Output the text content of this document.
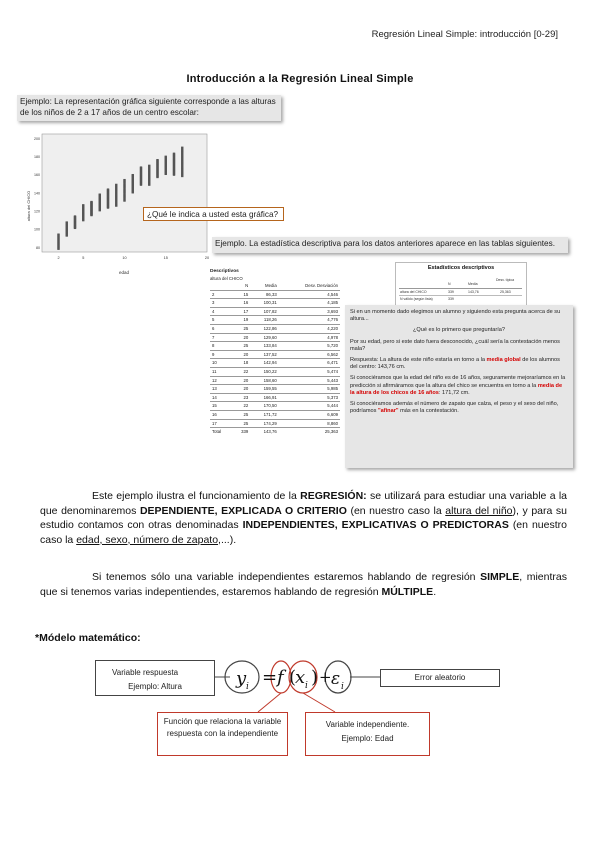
Regresión Lineal Simple: introducción [0-29]
Introducción a la Regresión Lineal Simple
Ejemplo: La representación gráfica siguiente corresponde a las alturas de los niños de 2 a 17 años de un centro escolar:
200
180
160
140
120
100
80
2	5	10	15	20
altura del CHICO
edad
¿Qué le indica a usted esta gráfica?
Ejemplo. La estadística descriptiva para los datos anteriores aparece en las tablas siguientes.
Estadísticos descriptivos
N	Media
Desv. típica
altura del CHICO	339	143,76	25,363
N válido (según lista)	339
Descriptivos
altura del CHICO
	N	Media	Desv. Desviación
2	15	86,33	4,546
3	16	100,31	4,185
4	17	107,82	3,693
5	19	118,26	4,776
6	25	122,86	4,220
7	20	129,60	4,978
8	25	133,84	5,720
9	20	137,52	6,562
10	18	142,94	6,471
11	22	150,22	5,474
12	20	158,60	5,443
13	20	159,55	5,985
14	23	166,91	5,373
15	22	170,50	5,444
16	25	171,72	6,609
17	25	174,29	8,860
Total	339	143,76	25,363

Si en un momento dado elegimos un alumno y siguiendo esta pregunta acerca de su altura...

¿Qué es lo primero que preguntaría?

Por su edad, pero si este dato fuera desconocido, ¿cuál sería la contestación menos mala?

Respuesta: La altura de este niño estaría en torno a la media global de los alumnos del centro: 143,76 cm.

Si conociéramos que la edad del niño es de 16 años, seguramente mejoraríamos en la predicción si afirmáramos que la altura del chico se encuentra en torno a la media de la altura de los chicos de 16 años: 171,72 cm.

Si conociéramos además el número de zapato que calza, el peso y el sexo del niño, podríamos "afinar" más en la contestación.

Este ejemplo ilustra el funcionamiento de la REGRESIÓN: se utilizará para estudiar una variable a la que denominaremos DEPENDIENTE, EXPLICADA O CRITERIO (en nuestro caso la altura del niño), y para su estudio contamos con otras denominadas INDEPENDIENTES, EXPLICATIVAS O PREDICTORAS (en nuestro caso la edad, sexo, número de zapato,...).
Si tenemos sólo una variable independientes estaremos hablando de regresión SIMPLE, mientras que si tenemos varias indepentiendes, estaremos hablando de regresión MÚLTIPLE.
*Módelo matemático:
y i = f (
x i ) + ε i
Variable respuesta
Ejemplo: Altura
Error aleatorio
Función que relaciona la variable respuesta con la independiente
Variable independiente.
Ejemplo: Edad
